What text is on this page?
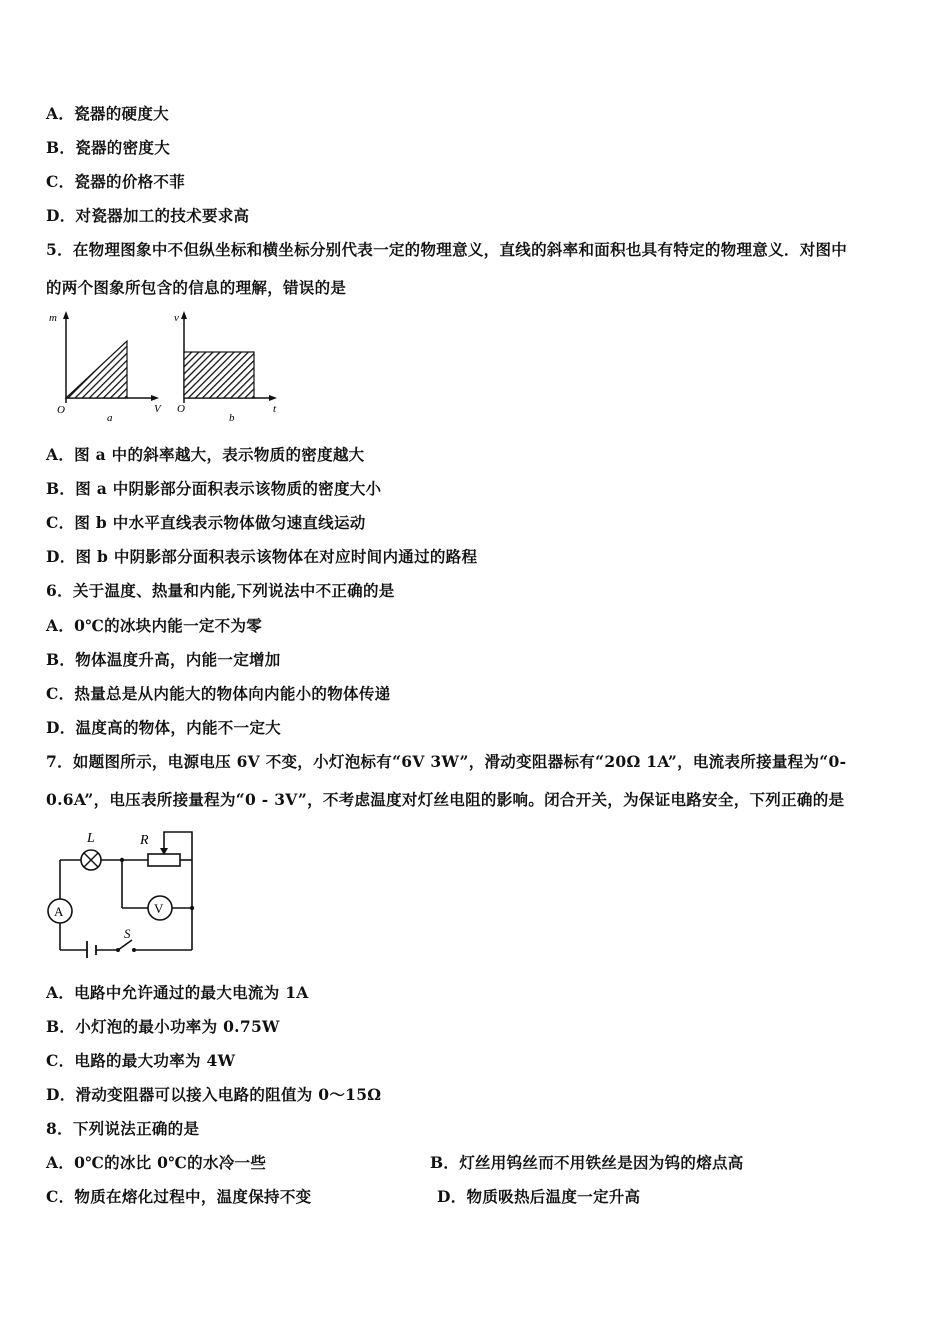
A．瓷器的硬度大
B．瓷器的密度大
C．瓷器的价格不菲
D．对瓷器加工的技术要求高
5．在物理图象中不但纵坐标和横坐标分别代表一定的物理意义，直线的斜率和面积也具有特定的物理意义．对图中
的两个图象所包含的信息的理解，错误的是
m
O	V
a
v
O	t
b
A．图 a 中的斜率越大，表示物质的密度越大
B．图 a 中阴影部分面积表示该物质的密度大小
C．图 b 中水平直线表示物体做匀速直线运动
D．图 b 中阴影部分面积表示该物体在对应时间内通过的路程
6．关于温度、热量和内能,下列说法中不正确的是
A．0℃的冰块内能一定不为零
B．物体温度升高，内能一定增加
C．热量总是从内能大的物体向内能小的物体传递
D．温度高的物体，内能不一定大
7．如题图所示，电源电压 6V 不变，小灯泡标有“6V 3W”，滑动变阻器标有“20Ω 1A”，电流表所接量程为“0-
0.6A”，电压表所接量程为“0 - 3V”，不考虑温度对灯丝电阻的影响。闭合开关，为保证电路安全，下列正确的是
L	R
V
A
S
A．电路中允许通过的最大电流为 1A
B．小灯泡的最小功率为 0.75W
C．电路的最大功率为 4W
D．滑动变阻器可以接入电路的阻值为 0～15Ω
8．下列说法正确的是
A．0℃的冰比 0℃的水冷一些	B．灯丝用钨丝而不用铁丝是因为钨的熔点高
C．物质在熔化过程中，温度保持不变	D．物质吸热后温度一定升高
